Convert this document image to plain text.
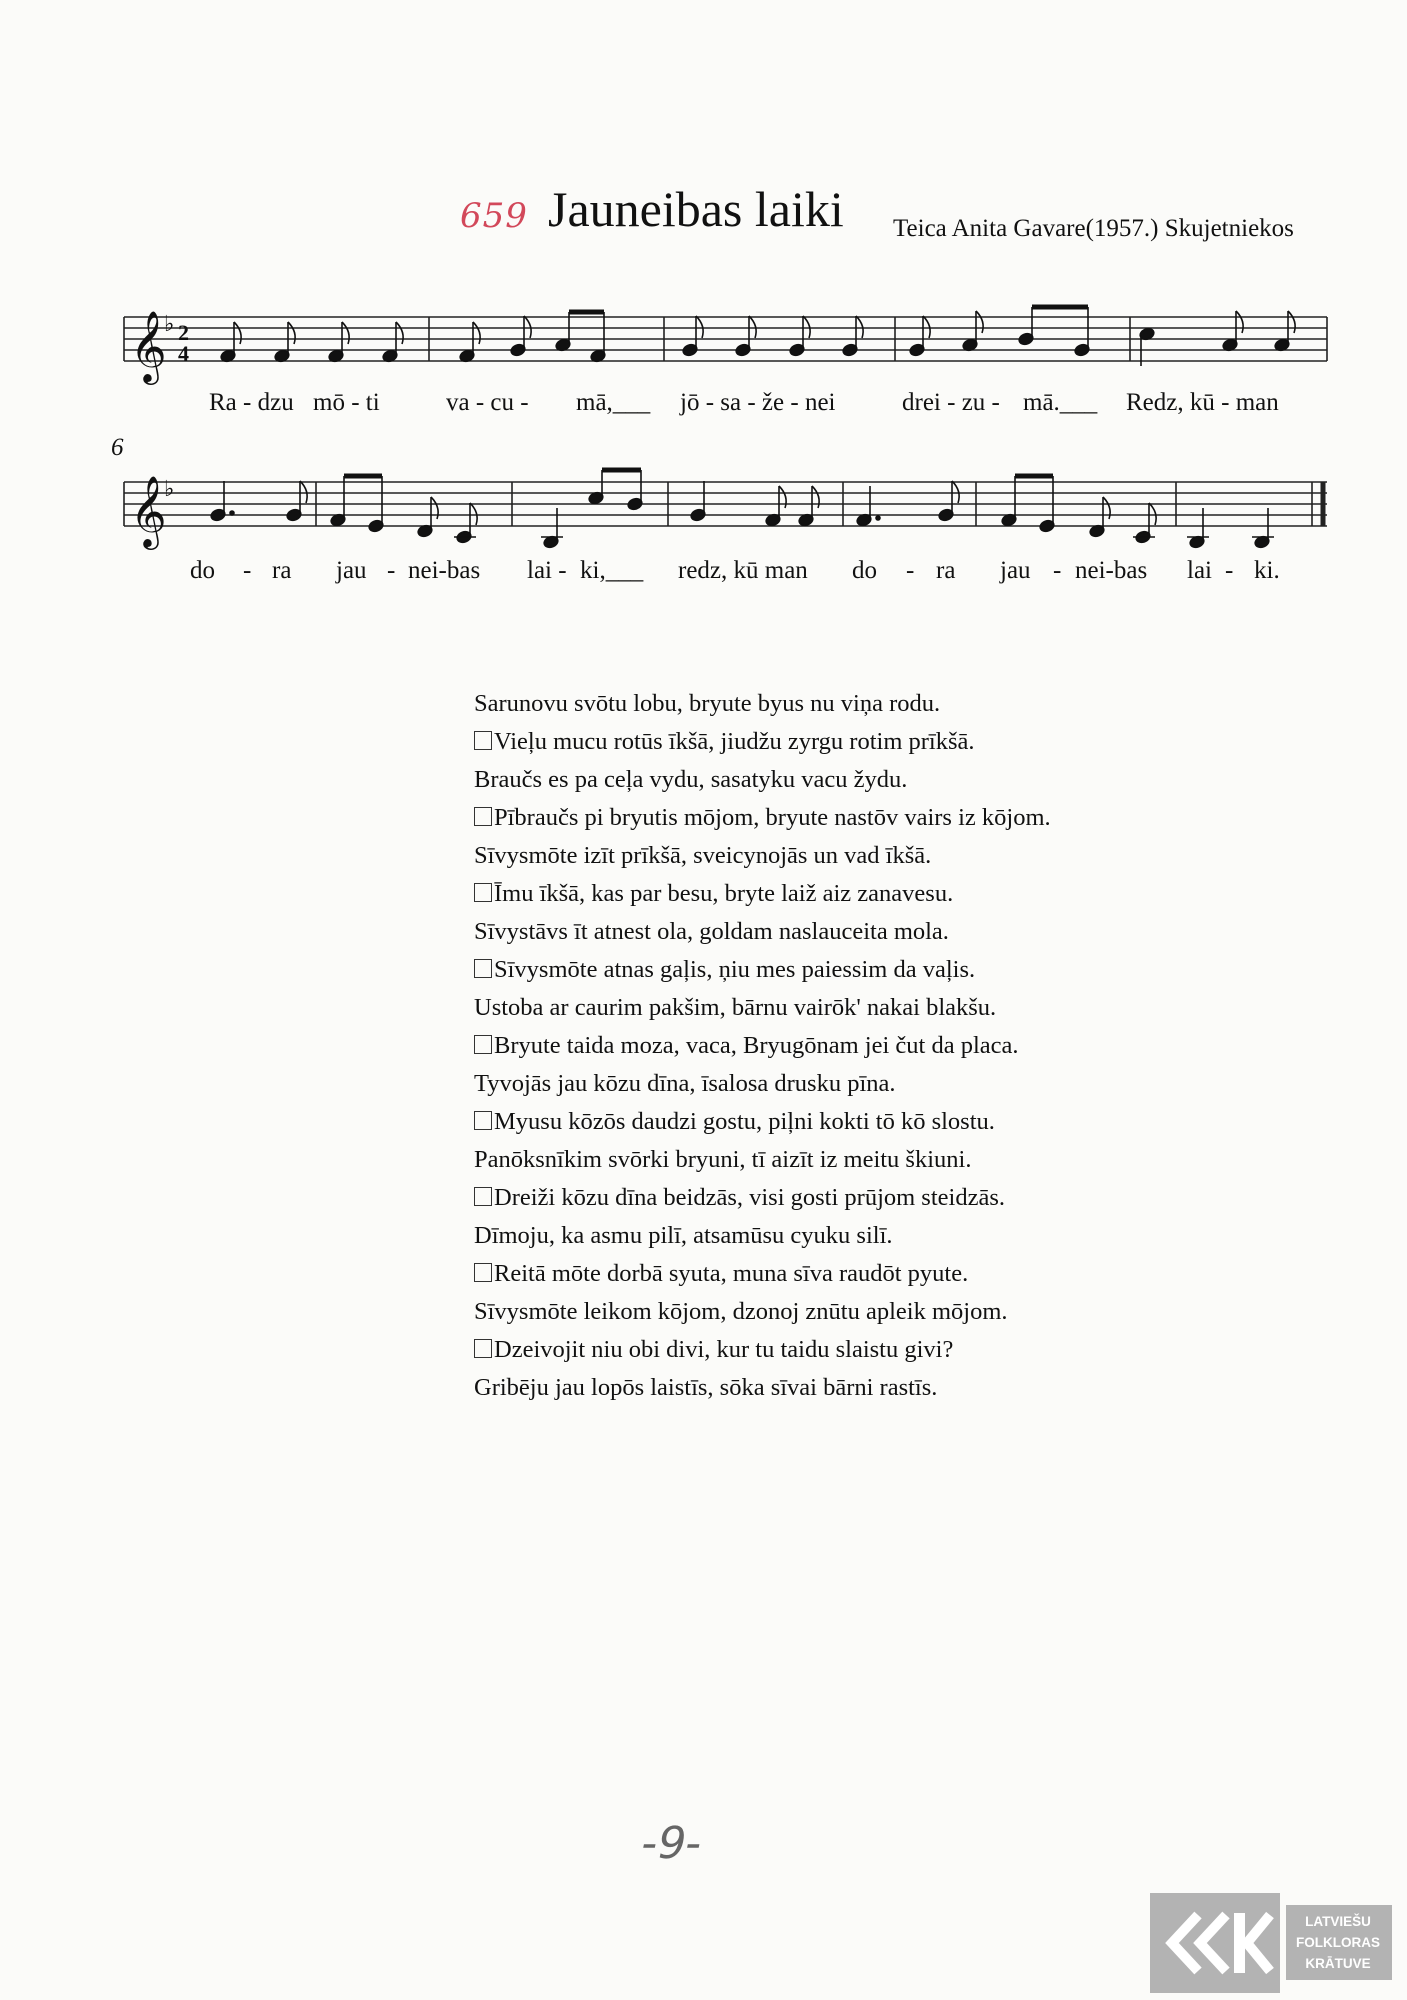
659 Jauneibas laiki Teica Anita Gavare(1957.) Skujetniekos
𝄞
𝄞
♭
♭
2
4
6
Ra - dzu mō - ti	va - cu - mā,___ jō - sa - že - nei	drei - zu - mā.___ Redz, kū - man
do - ra jau - nei-bas lai - ki,___ redz, kū man do - ra jau - nei-bas lai - ki.
Sarunovu svōtu lobu, bryute byus nu viņa rodu.
Vieļu mucu rotūs īkšā, jiudžu zyrgu rotim prīkšā.
Braučs es pa ceļa vydu, sasatyku vacu žydu.
Pībraučs pi bryutis mōjom, bryute nastōv vairs iz kōjom.
Sīvysmōte izīt prīkšā, sveicynojās un vad īkšā.
Īmu īkšā, kas par besu, bryte laiž aiz zanavesu.
Sīvystāvs īt atnest ola, goldam naslauceita mola.
Sīvysmōte atnas gaļis, ņiu mes paiessim da vaļis.
Ustoba ar caurim pakšim, bārnu vairōk' nakai blakšu.
Bryute taida moza, vaca, Bryugōnam jei čut da placa.
Tyvojās jau kōzu dīna, īsalosa drusku pīna.
Myusu kōzōs daudzi gostu, piļni kokti tō kō slostu.
Panōksnīkim svōrki bryuni, tī aizīt iz meitu škiuni.
Dreiži kōzu dīna beidzās, visi gosti prūjom steidzās.
Dīmoju, ka asmu pilī, atsamūsu cyuku silī.
Reitā mōte dorbā syuta, muna sīva raudōt pyute.
Sīvysmōte leikom kōjom, dzonoj znūtu apleik mōjom.
Dzeivojit niu obi divi, kur tu taidu slaistu givi?
Gribēju jau lopōs laistīs, sōka sīvai bārni rastīs.
-9-
LATVIEŠU
FOLKLORAS
KRĀTUVE
